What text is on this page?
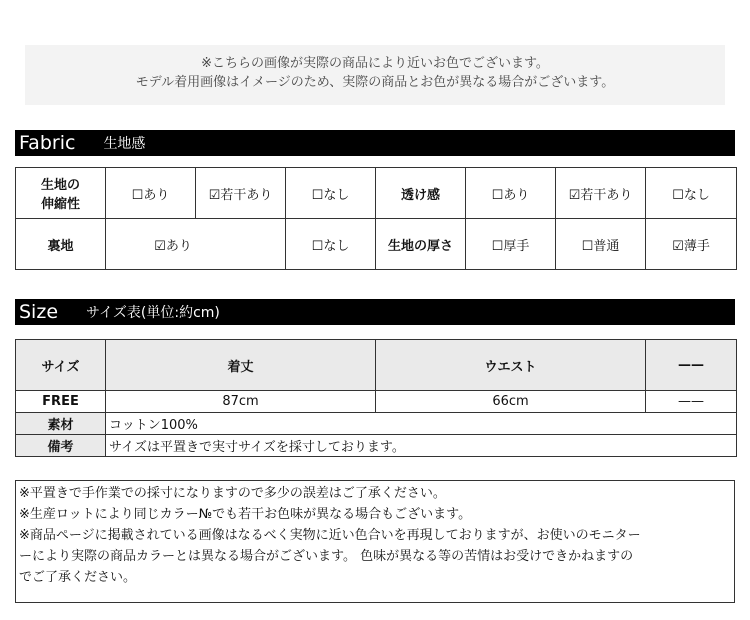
※こちらの画像が実際の商品により近いお色でございます。
モデル着用画像はイメージのため、実際の商品とお色が異なる場合がございます。
Fabric 生地感
生地の
伸縮性	☐あり	☑若干あり	☐なし	透け感	☐あり	☑若干あり	☐なし
裏地	☑あり		☐なし	生地の厚さ	☐厚手	☐普通	☑薄手
Size サイズ表(単位:約cm)
サイズ	着丈	ウエスト	——
FREE	87cm	66cm	——
素材	コットン100%		
備考	サイズは平置きで実寸サイズを採寸しております。		
※平置きで手作業での採寸になりますので多少の誤差はご了承ください。
※生産ロットにより同じカラー№でも若干お色味が異なる場合もございます。
※商品ページに掲載されている画像はなるべく実物に近い色合いを再現しておりますが、お使いのモニター
ーにより実際の商品カラーとは異なる場合がございます。 色味が異なる等の苦情はお受けできかねますの
でご了承ください。
